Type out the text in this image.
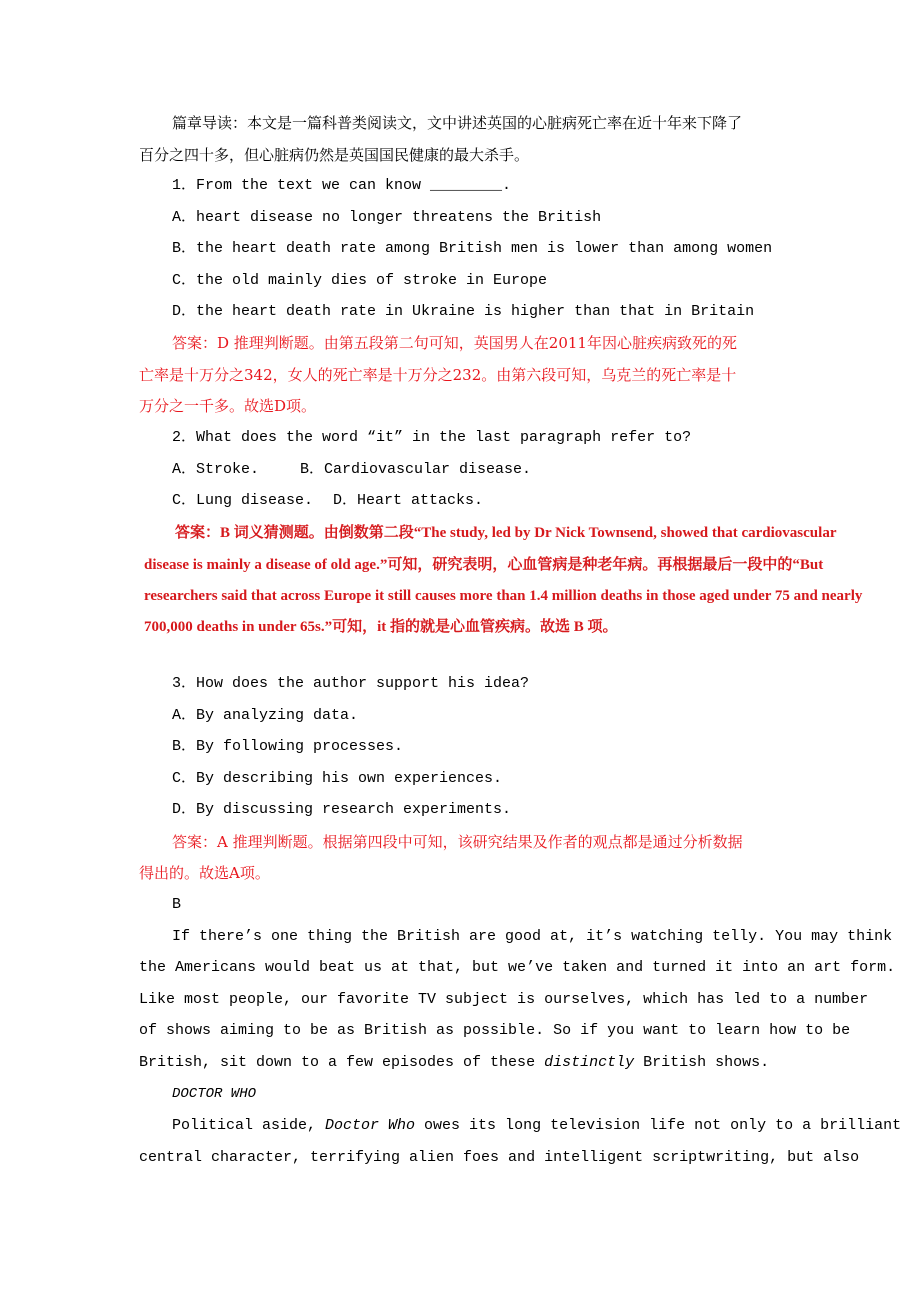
篇章导读：本文是一篇科普类阅读文，文中讲述英国的心脏病死亡率在近十年来下降了
百分之四十多，但心脏病仍然是英国国民健康的最大杀手。
1．From the text we can know ________.
A．heart disease no longer threatens the British
B．the heart death rate among British men is lower than among women
C．the old mainly dies of stroke in Europe
D．the heart death rate in Ukraine is higher than that in Britain
答案：D 推理判断题。由第五段第二句可知，英国男人在2011年因心脏疾病致死的死
亡率是十万分之342，女人的死亡率是十万分之232。由第六段可知，乌克兰的死亡率是十
万分之一千多。故选D项。
2．What does the word “it” in the last paragraph refer to?
A．Stroke.	B．Cardiovascular disease.
C．Lung disease. D．Heart attacks.
答案：B 词义猜测题。由倒数第二段“The study, led by Dr Nick Townsend, showed that cardiovascular
disease is mainly a disease of old age.”可知，研究表明，心血管病是种老年病。再根据最后一段中的“But
researchers said that across Europe it still causes more than 1.4 million deaths in those aged under 75 and nearly
700,000 deaths in under 65s.”可知，it 指的就是心血管疾病。故选 B 项。
3．How does the author support his idea?
A．By analyzing data.
B．By following processes.
C．By describing his own experiences.
D．By discussing research experiments.
答案：A 推理判断题。根据第四段中可知，该研究结果及作者的观点都是通过分析数据
得出的。故选A项。
B
If there’s one thing the British are good at, it’s watching telly. You may think
the Americans would beat us at that, but we’ve taken and turned it into an art form.
Like most people, our favorite TV subject is ourselves, which has led to a number
of shows aiming to be as British as possible. So if you want to learn how to be
British, sit down to a few episodes of these distinctly British shows.
DOCTOR WHO
Political aside, Doctor Who owes its long television life not only to a brilliant
central character, terrifying alien foes and intelligent scriptwriting, but also
